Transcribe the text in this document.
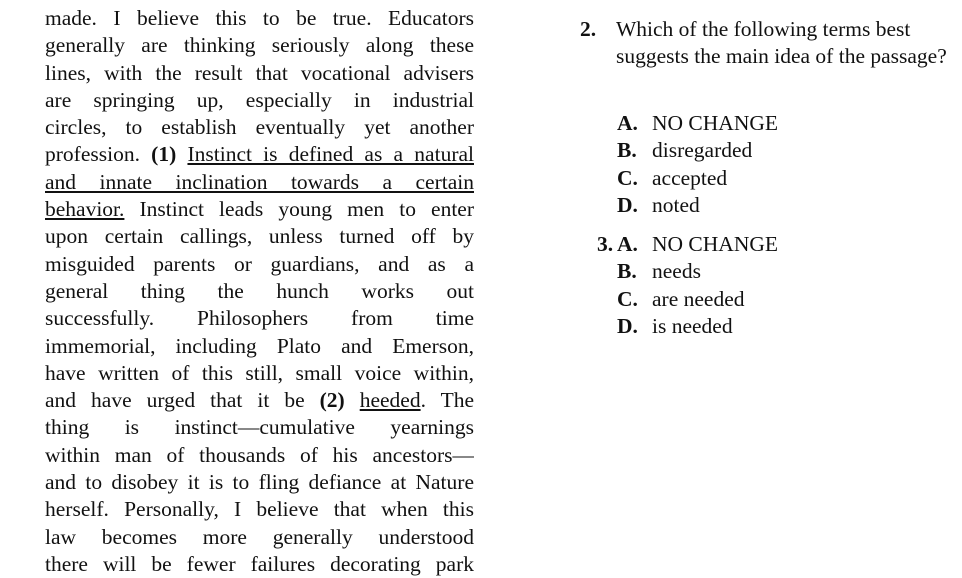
made. I believe this to be true. Educators
generally are thinking seriously along these
lines, with the result that vocational advisers
are springing up, especially in industrial
circles, to establish eventually yet another
profession. (1) Instinct is defined as a natural
and innate inclination towards a certain
behavior. Instinct leads young men to enter
upon certain callings, unless turned off by
misguided parents or guardians, and as a
general thing the hunch works out
successfully. Philosophers from time
immemorial, including Plato and Emerson,
have written of this still, small voice within,
and have urged that it be (2) heeded. The
thing is instinct—cumulative yearnings
within man of thousands of his ancestors—
and to disobey it is to fling defiance at Nature
herself. Personally, I believe that when this
law becomes more generally understood
there will be fewer failures decorating park
2. Which of the following terms best suggests the main idea of the passage?
A. NO CHANGE
B. disregarded
C. accepted
D. noted
3. A. NO CHANGE
B. needs
C. are needed
D. is needed
